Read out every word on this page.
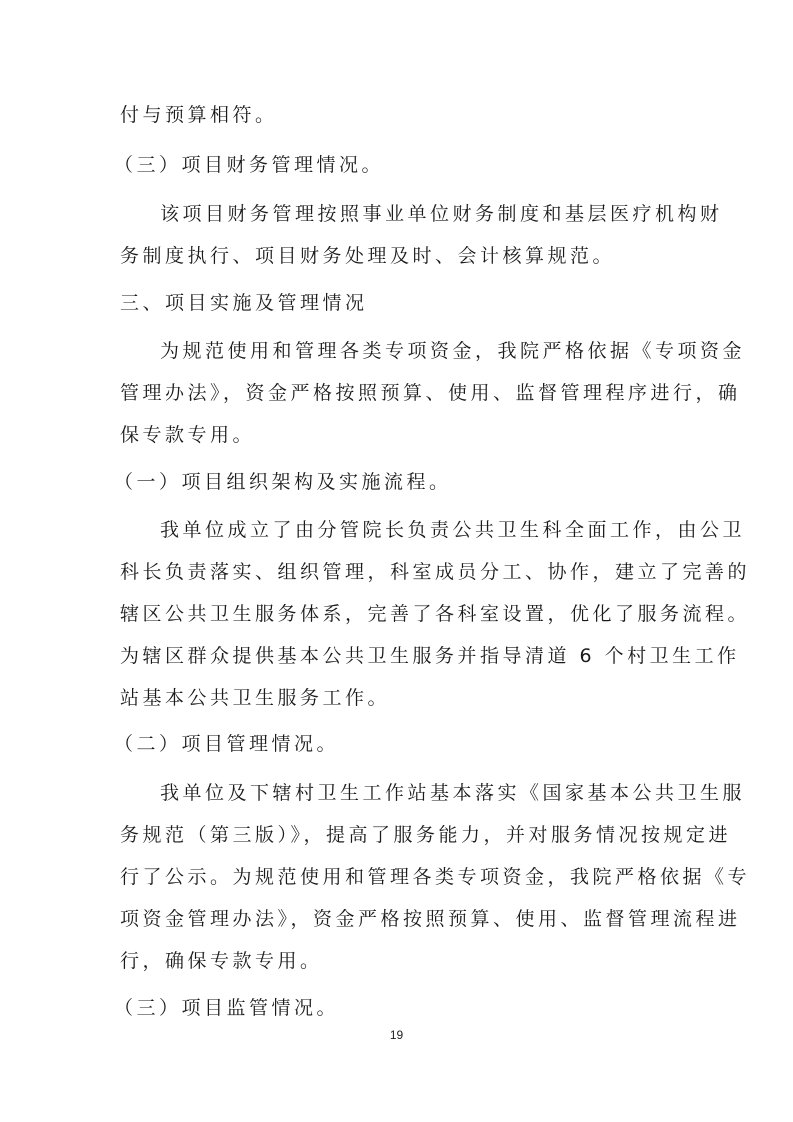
付与预算相符。
（三）项目财务管理情况。
该项目财务管理按照事业单位财务制度和基层医疗机构财
务制度执行、项目财务处理及时、会计核算规范。
三、项目实施及管理情况
为规范使用和管理各类专项资金，我院严格依据《专项资金
管理办法》，资金严格按照预算、使用、监督管理程序进行，确
保专款专用。
（一）项目组织架构及实施流程。
我单位成立了由分管院长负责公共卫生科全面工作，由公卫
科长负责落实、组织管理，科室成员分工、协作，建立了完善的
辖区公共卫生服务体系，完善了各科室设置，优化了服务流程。
为辖区群众提供基本公共卫生服务并指导清道 6 个村卫生工作
站基本公共卫生服务工作。
（二）项目管理情况。
我单位及下辖村卫生工作站基本落实《国家基本公共卫生服
务规范（第三版）》，提高了服务能力，并对服务情况按规定进
行了公示。为规范使用和管理各类专项资金，我院严格依据《专
项资金管理办法》，资金严格按照预算、使用、监督管理流程进
行，确保专款专用。
（三）项目监管情况。
19
